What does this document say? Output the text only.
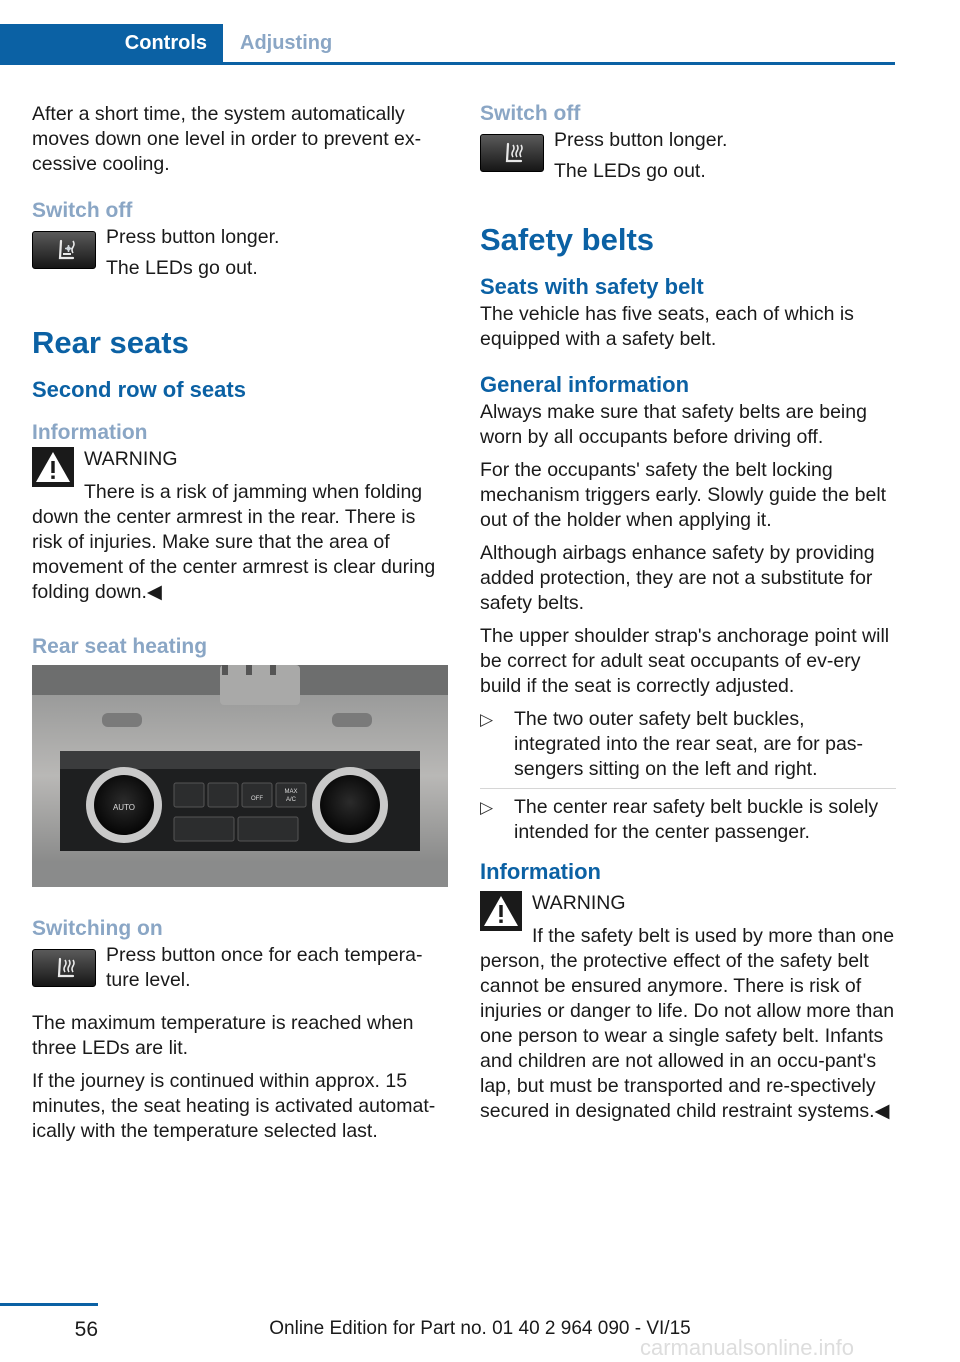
Controls	Adjusting

After a short time, the system automatically moves down one level in order to prevent ex‐cessive cooling.

Switch off

Press button longer.

The LEDs go out.

Rear seats
Second row of seats
Information

WARNING

There is a risk of jamming when folding down the center armrest in the rear. There is risk of injuries. Make sure that the area of movement of the center armrest is clear during folding down.◀

Rear seat heating
AUTO
OFF
MAX
A/C
Switching on

Press button once for each tempera‐ture level.

The maximum temperature is reached when three LEDs are lit.

If the journey is continued within approx. 15 minutes, the seat heating is activated automat‐ically with the temperature selected last.

Switch off

Press button longer.

The LEDs go out.

Safety belts
Seats with safety belt

The vehicle has five seats, each of which is equipped with a safety belt.

General information

Always make sure that safety belts are being worn by all occupants before driving off.

For the occupants' safety the belt locking mechanism triggers early. Slowly guide the belt out of the holder when applying it.

Although airbags enhance safety by providing added protection, they are not a substitute for safety belts.

The upper shoulder strap's anchorage point will be correct for adult seat occupants of ev‐ery build if the seat is correctly adjusted.

▷ The two outer safety belt buckles, integrated into the rear seat, are for pas‐sengers sitting on the left and right.
▷ The center rear safety belt buckle is solely intended for the center passenger.
Information

WARNING

If the safety belt is used by more than one person, the protective effect of the safety belt cannot be ensured anymore. There is risk of injuries or danger to life. Do not allow more than one person to wear a single safety belt. Infants and children are not allowed in an occu‐pant's lap, but must be transported and re‐spectively secured in designated child restraint systems.◀

56	Online Edition for Part no. 01 40 2 964 090 - VI/15
carmanualsonline.info
